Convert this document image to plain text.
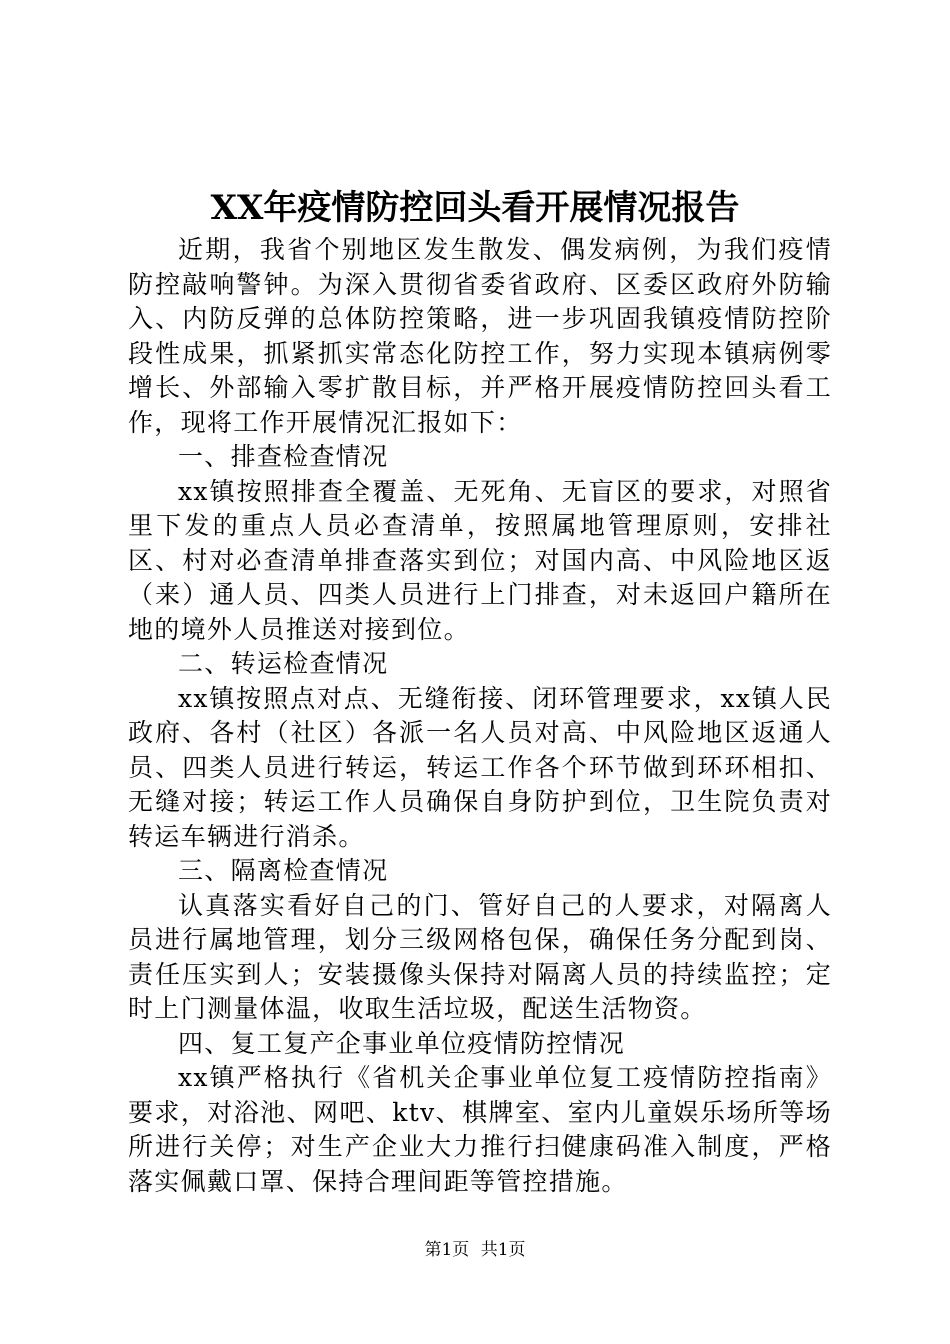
XX年疫情防控回头看开展情况报告

近期，我省个别地区发生散发、偶发病例，为我们疫情防控敲响警钟。为深入贯彻省委省政府、区委区政府外防输入、内防反弹的总体防控策略，进一步巩固我镇疫情防控阶段性成果，抓紧抓实常态化防控工作，努力实现本镇病例零增长、外部输入零扩散目标，并严格开展疫情防控回头看工作，现将工作开展情况汇报如下：

一、排查检查情况

xx镇按照排查全覆盖、无死角、无盲区的要求，对照省里下发的重点人员必查清单，按照属地管理原则，安排社区、村对必查清单排查落实到位；对国内高、中风险地区返（来）通人员、四类人员进行上门排查，对未返回户籍所在地的境外人员推送对接到位。

二、转运检查情况

xx镇按照点对点、无缝衔接、闭环管理要求，xx镇人民政府、各村（社区）各派一名人员对高、中风险地区返通人员、四类人员进行转运，转运工作各个环节做到环环相扣、无缝对接；转运工作人员确保自身防护到位，卫生院负责对转运车辆进行消杀。

三、隔离检查情况

认真落实看好自己的门、管好自己的人要求，对隔离人员进行属地管理，划分三级网格包保，确保任务分配到岗、责任压实到人；安装摄像头保持对隔离人员的持续监控；定时上门测量体温，收取生活垃圾，配送生活物资。

四、复工复产企事业单位疫情防控情况

xx镇严格执行《省机关企事业单位复工疫情防控指南》要求，对浴池、网吧、ktv、棋牌室、室内儿童娱乐场所等场所进行关停；对生产企业大力推行扫健康码准入制度，严格落实佩戴口罩、保持合理间距等管控措施。

第1页 共1页
